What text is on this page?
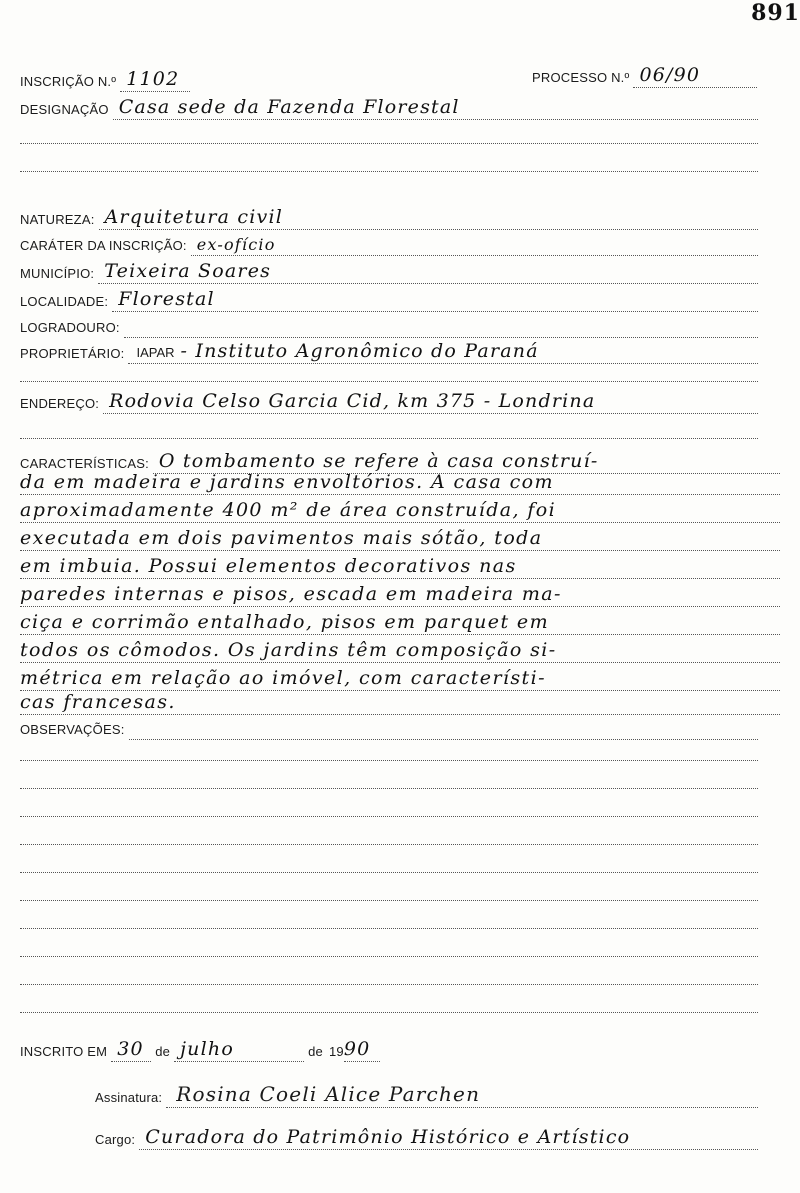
891
INSCRIÇÃO N.º 1102	PROCESSO N.º 06/90
DESIGNAÇÃO Casa sede da Fazenda Florestal
NATUREZA: Arquitetura civil
CARÁTER DA INSCRIÇÃO: ex-ofício
MUNICÍPIO: Teixeira Soares
LOCALIDADE: Florestal
LOGRADOURO:
PROPRIETÁRIO: IAPAR - Instituto Agronômico do Paraná
ENDEREÇO: Rodovia Celso Garcia Cid, km 375 - Londrina
CARACTERÍSTICAS: O tombamento se refere à casa construí-
da em madeira e jardins envoltórios. A casa com
aproximadamente 400 m² de área construída, foi
executada em dois pavimentos mais sótão, toda
em imbuia. Possui elementos decorativos nas
paredes internas e pisos, escada em madeira ma-
ciça e corrimão entalhado, pisos em parquet em
todos os cômodos. Os jardins têm composição si-
métrica em relação ao imóvel, com característi-
cas francesas.
OBSERVAÇÕES:
INSCRITO EM 30 de julho	de 19 90
Assinatura: Rosina Coeli Alice Parchen
Cargo: Curadora do Patrimônio Histórico e Artístico
